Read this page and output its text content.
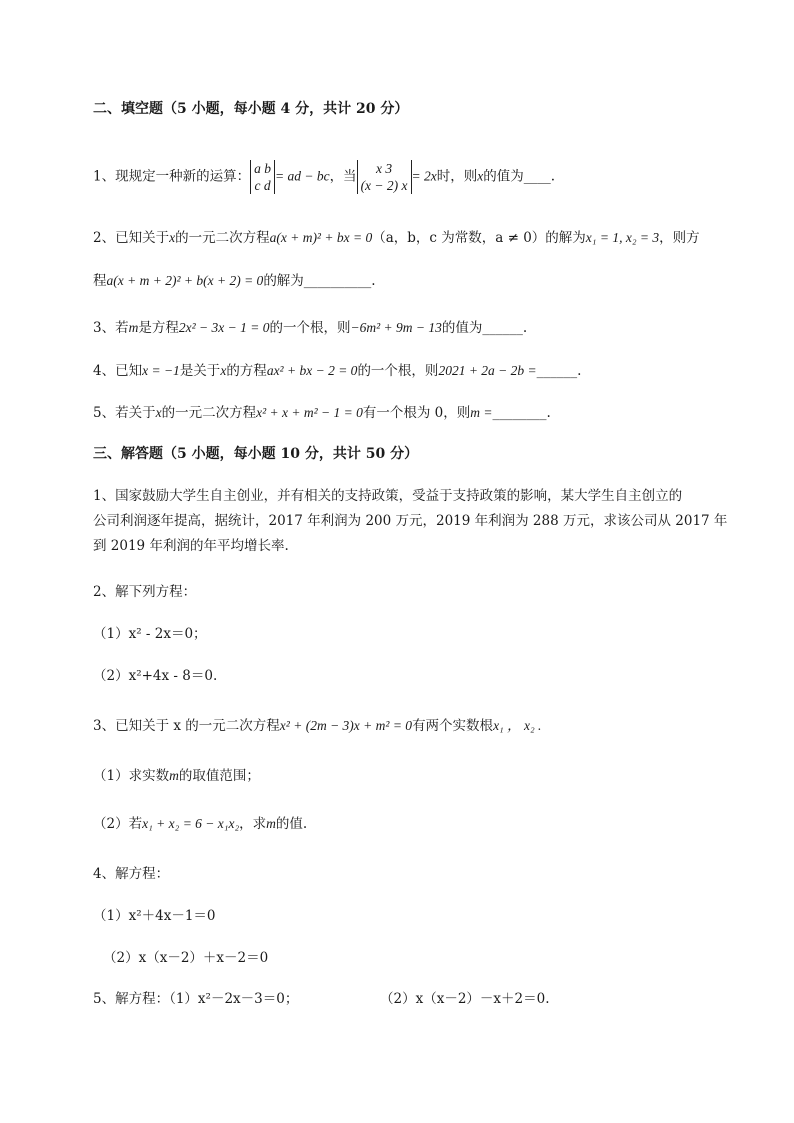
二、填空题（5 小题，每小题 4 分，共计 20 分）
1、现规定一种新的运算： a b
c d
= ad − bc，当	x 3
(x − 2) x
= 2x时，则x的值为____.
2、已知关于x的一元二次方程a(x + m)² + bx = 0（a，b，c 为常数，a ≠ 0）的解为x₁ = 1, x₂ = 3，则方
程a(x + m + 2)² + b(x + 2) = 0的解为__________.
3、若m是方程2x² − 3x − 1 = 0的一个根，则−6m² + 9m − 13的值为______.
4、已知x = −1是关于x的方程ax² + bx − 2 = 0的一个根，则2021 + 2a − 2b =______.
5、若关于x的一元二次方程x² + x + m² − 1 = 0有一个根为 0，则m =________.
三、解答题（5 小题，每小题 10 分，共计 50 分）
1、国家鼓励大学生自主创业，并有相关的支持政策，受益于支持政策的影响，某大学生自主创立的
公司利润逐年提高，据统计，2017 年利润为 200 万元，2019 年利润为 288 万元，求该公司从 2017 年
到 2019 年利润的年平均增长率.
2、解下列方程：
（1）x² - 2x＝0；
（2）x²+4x - 8＝0.
3、已知关于 x 的一元二次方程x² + (2m − 3)x + m² = 0有两个实数根x₁ ， x₂ .
（1）求实数m的取值范围；
（2）若x₁ + x₂ = 6 − x₁x₂，求m的值.
4、解方程：
（1）x²＋4x－1＝0
（2）x（x－2）＋x－2＝0
5、解方程：（1）x²－2x－3＝0；	（2）x（x－2）－x＋2＝0.
